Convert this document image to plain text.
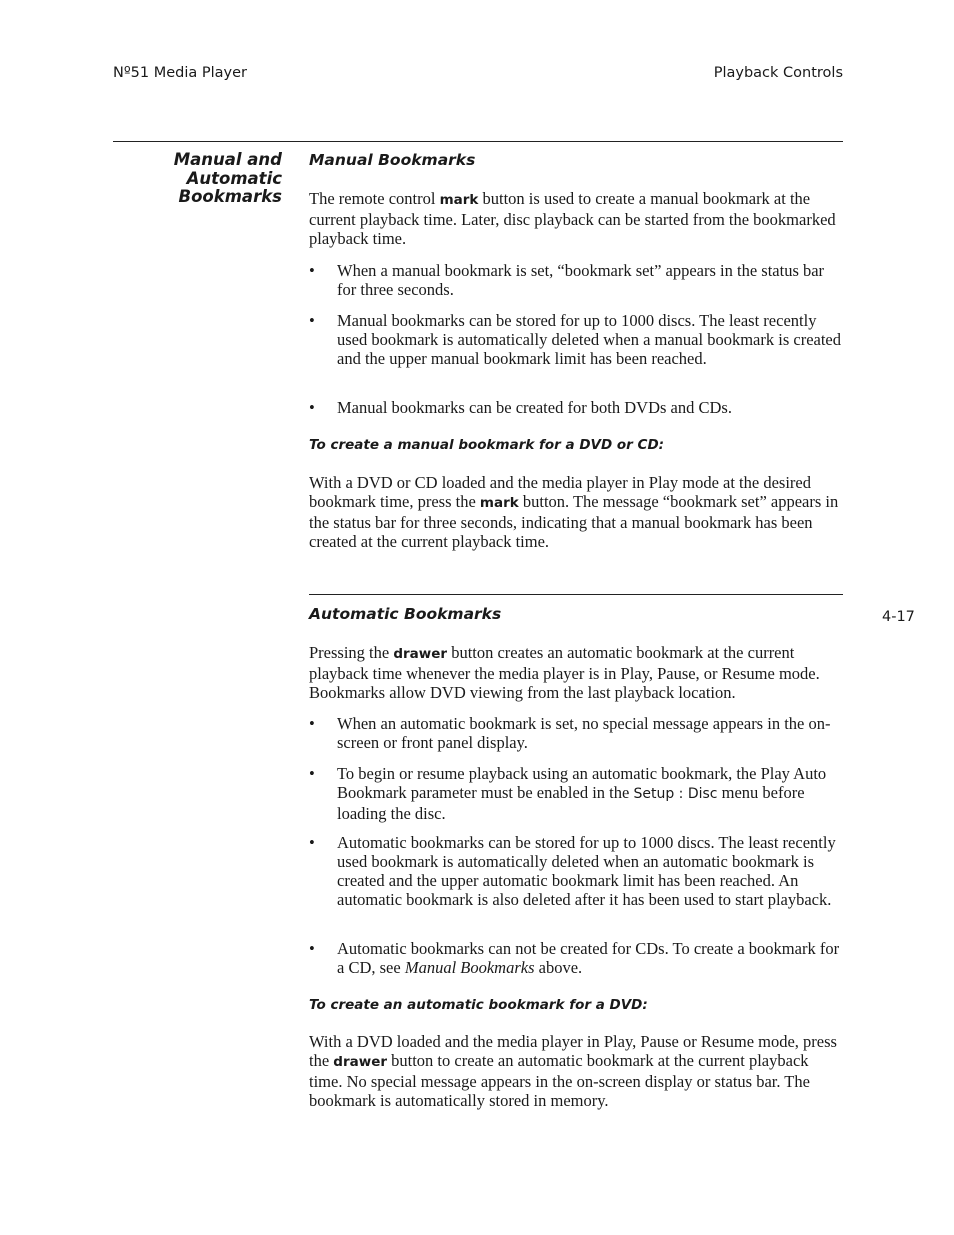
Nº51 Media Player	Playback Controls
Manual and
Automatic
Bookmarks
Manual Bookmarks

The remote control mark button is used to create a manual bookmark at the current playback time. Later, disc playback can be started from the bookmarked playback time.

• When a manual bookmark is set, “bookmark set” appears in the status bar for three seconds.
• Manual bookmarks can be stored for up to 1000 discs. The least recently used bookmark is automatically deleted when a manual bookmark is created and the upper manual bookmark limit has been reached.
• Manual bookmarks can be created for both DVDs and CDs.

To create a manual bookmark for a DVD or CD:

With a DVD or CD loaded and the media player in Play mode at the desired bookmark time, press the mark button. The message “bookmark set” appears in the status bar for three seconds, indicating that a manual bookmark has been created at the current playback time.

4-17
Automatic Bookmarks

Pressing the drawer button creates an automatic bookmark at the current playback time whenever the media player is in Play, Pause, or Resume mode. Bookmarks allow DVD viewing from the last playback location.

• When an automatic bookmark is set, no special message appears in the on-screen or front panel display.
• To begin or resume playback using an automatic bookmark, the Play Auto Bookmark parameter must be enabled in the Setup : Disc menu before loading the disc.
• Automatic bookmarks can be stored for up to 1000 discs. The least recently used bookmark is automatically deleted when an automatic bookmark is created and the upper automatic bookmark limit has been reached. An automatic bookmark is also deleted after it has been used to start playback.
• Automatic bookmarks can not be created for CDs. To create a bookmark for a CD, see Manual Bookmarks above.

To create an automatic bookmark for a DVD:

With a DVD loaded and the media player in Play, Pause or Resume mode, press the drawer button to create an automatic bookmark at the current playback time. No special message appears in the on-screen display or status bar. The bookmark is automatically stored in memory.
